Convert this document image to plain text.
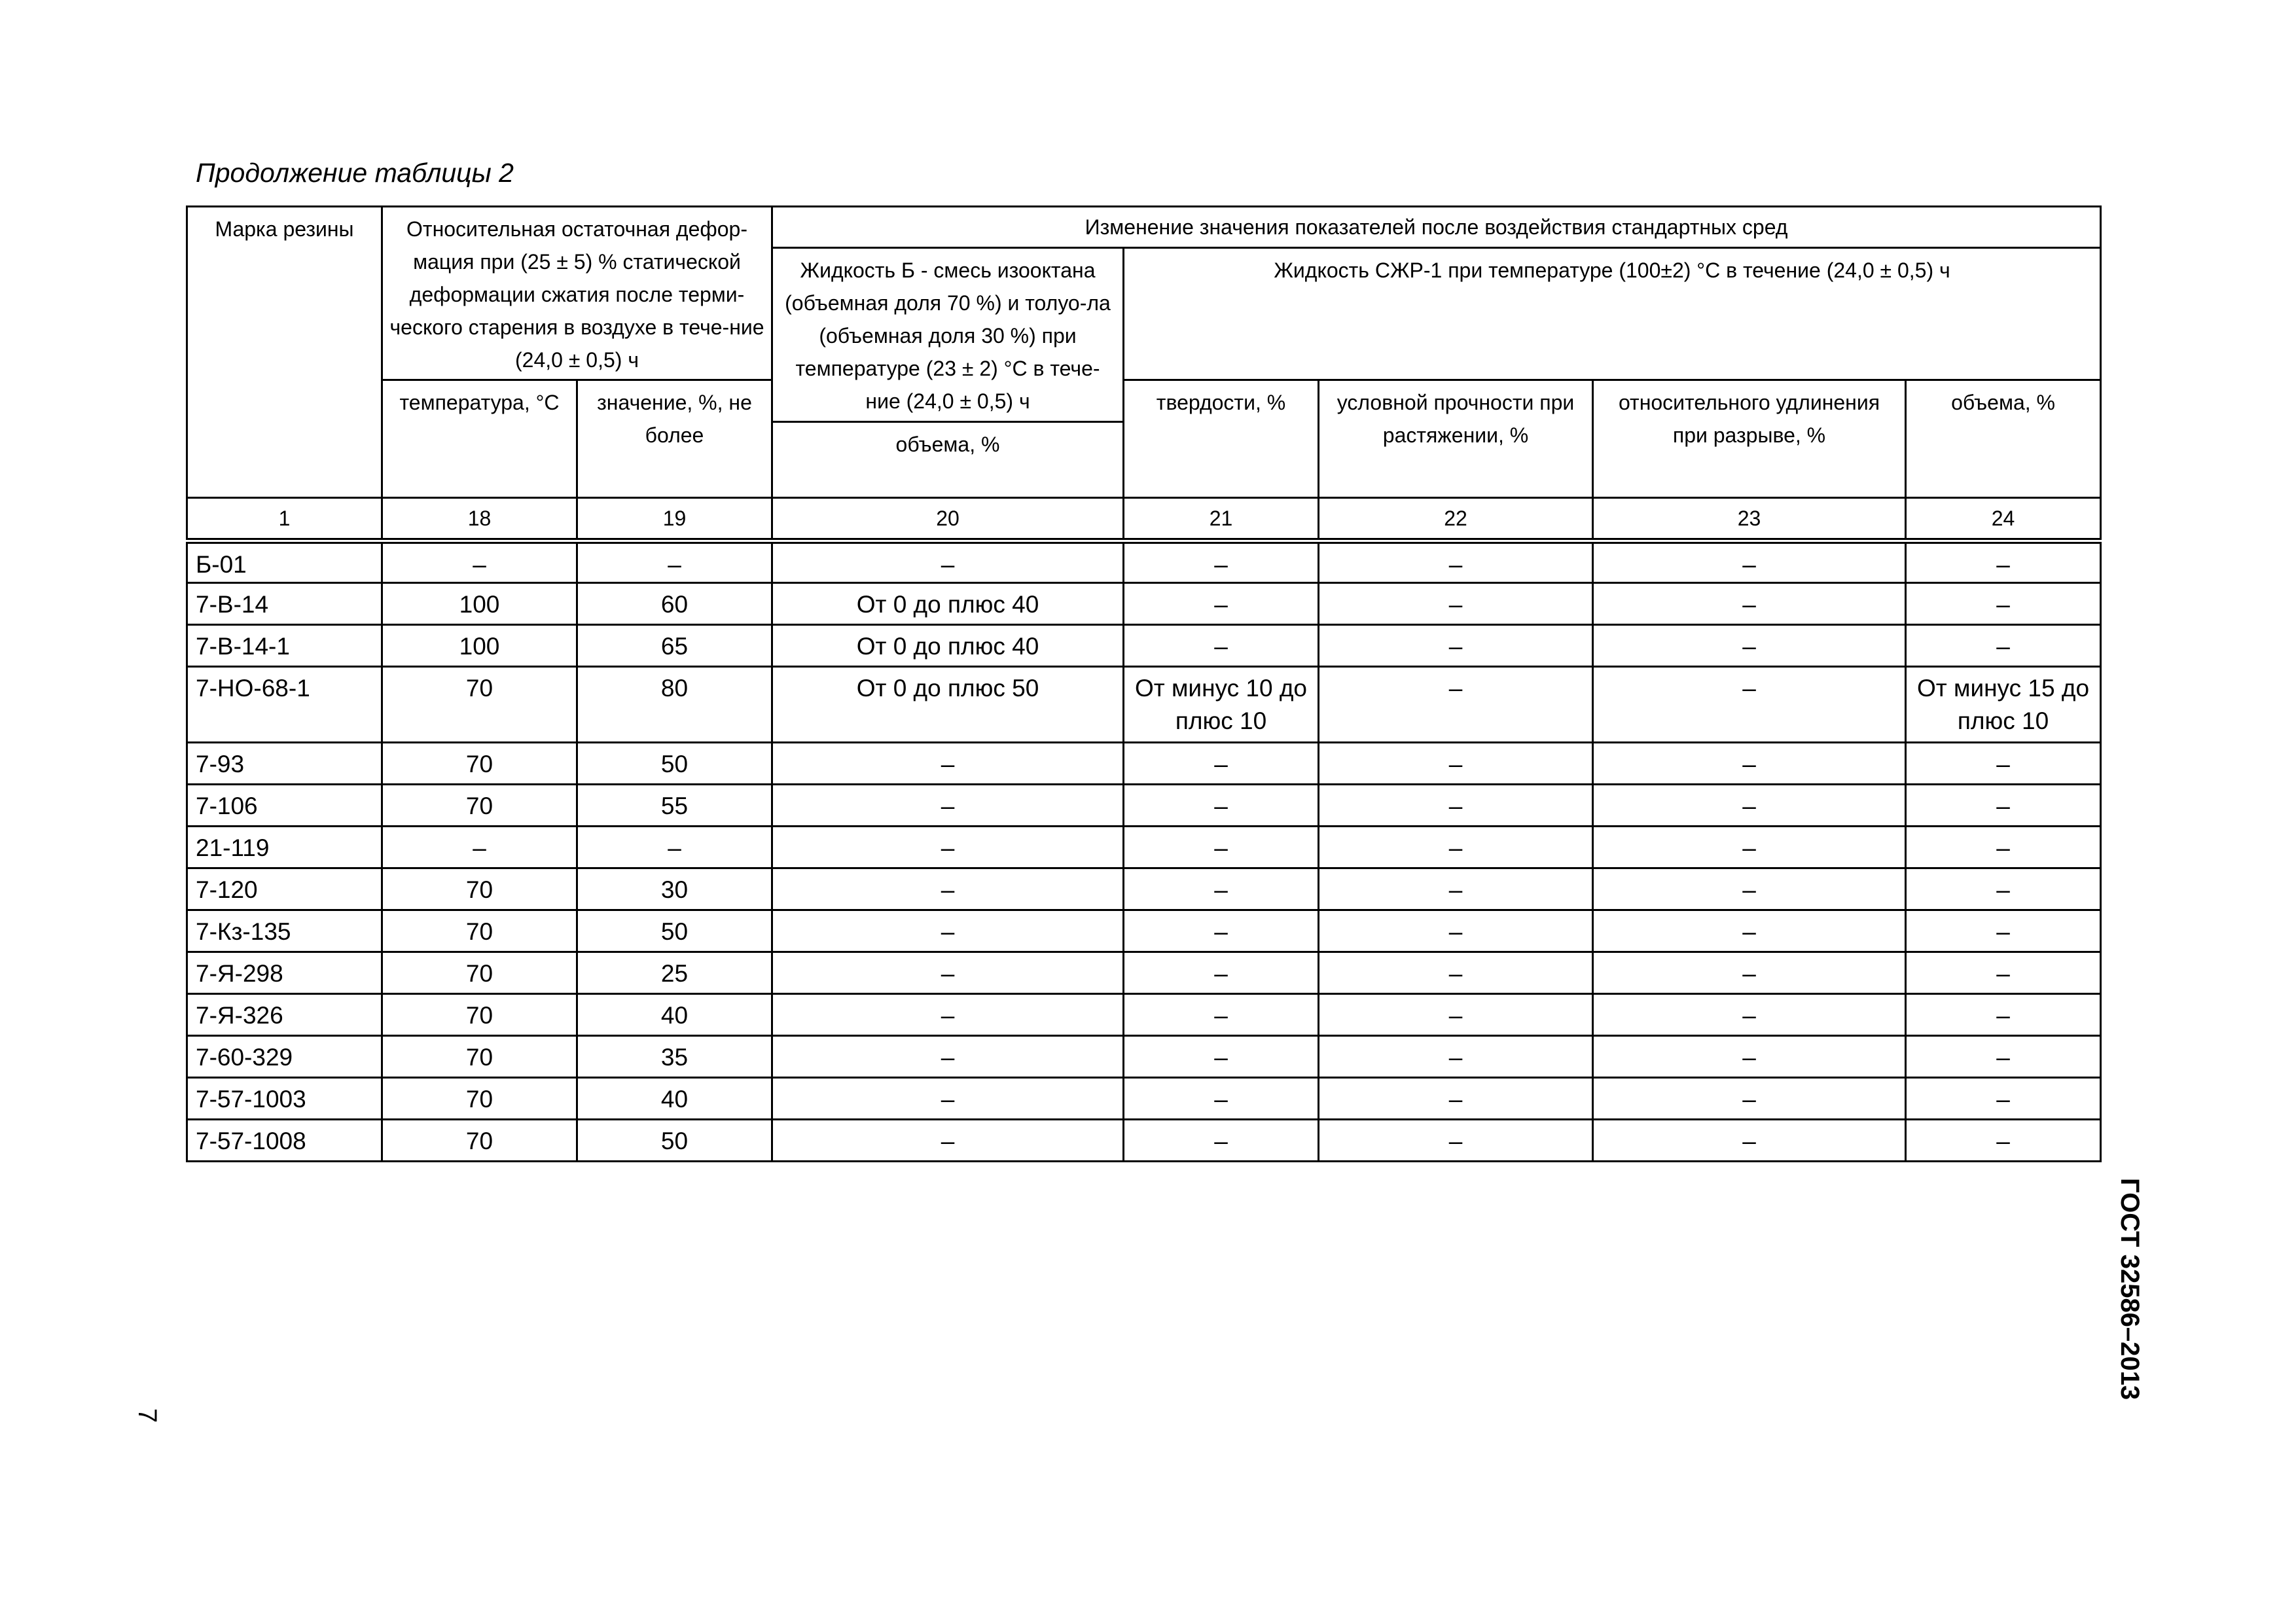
Продолжение таблицы 2
Марка резины	Относительная остаточная дефор-мация при (25 ± 5) % статической деформации сжатия после терми-ческого старения в воздухе в тече-ние (24,0 ± 0,5) ч		Изменение значения показателей после воздействия стандартных сред				
			Жидкость Б - смесь изооктана (объемная доля 70 %) и толуо-ла (объемная доля 30 %) при температуре (23 ± 2) °С в тече-ние (24,0 ± 0,5) ч	Жидкость СЖР-1 при температуре (100±2) °С в течение (24,0 ± 0,5) ч			
	температура, °С	значение, %, не более		твердости, %	условной прочности при растяжении, %	относительного удлинения при разрыве, %	объема, %
			объема, %				
1	18	19	20	21	22	23	24
Б-01	–	–	–	–	–	–	–
7-В-14	100	60	От 0 до плюс 40	–	–	–	–
7-В-14-1	100	65	От 0 до плюс 40	–	–	–	–
7-НО-68-1	70	80	От 0 до плюс 50	От минус 10 до плюс 10	–	–	От минус 15 до плюс 10
7-93	70	50	–	–	–	–	–
7-106	70	55	–	–	–	–	–
21-119	–	–	–	–	–	–	–
7-120	70	30	–	–	–	–	–
7-Кз-135	70	50	–	–	–	–	–
7-Я-298	70	25	–	–	–	–	–
7-Я-326	70	40	–	–	–	–	–
7-60-329	70	35	–	–	–	–	–
7-57-1003	70	40	–	–	–	–	–
7-57-1008	70	50	–	–	–	–	–
ГОСТ 32586–2013
7
